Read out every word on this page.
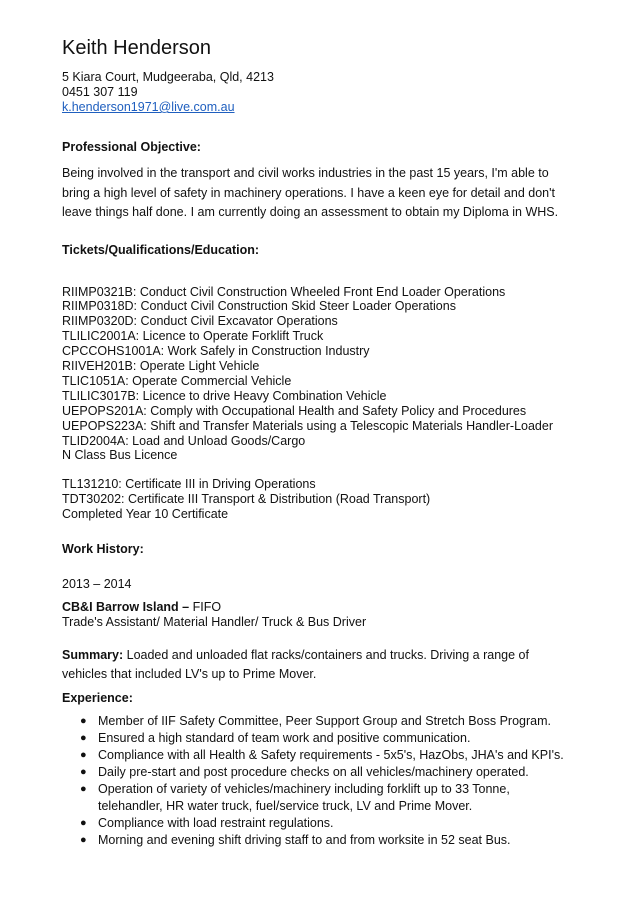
Keith Henderson
5 Kiara Court, Mudgeeraba, Qld, 4213
0451 307 119
k.henderson1971@live.com.au
Professional Objective:
Being involved in the transport and civil works industries in the past 15 years, I'm able to
bring a high level of safety in machinery operations. I have a keen eye for detail and don't
leave things half done. I am currently doing an assessment to obtain my Diploma in WHS.
Tickets/Qualifications/Education:
RIIMP0321B: Conduct Civil Construction Wheeled Front End Loader Operations
RIIMP0318D: Conduct Civil Construction Skid Steer Loader Operations
RIIMP0320D: Conduct Civil Excavator Operations
TLILIC2001A: Licence to Operate Forklift Truck
CPCCOHS1001A: Work Safely in Construction Industry
RIIVEH201B: Operate Light Vehicle
TLIC1051A: Operate Commercial Vehicle
TLILIC3017B: Licence to drive Heavy Combination Vehicle
UEPOPS201A: Comply with Occupational Health and Safety Policy and Procedures
UEPOPS223A: Shift and Transfer Materials using a Telescopic Materials Handler-Loader
TLID2004A: Load and Unload Goods/Cargo
N Class Bus Licence
TL131210: Certificate III in Driving Operations
TDT30202: Certificate III Transport & Distribution (Road Transport)
Completed Year 10 Certificate
Work History:
2013 – 2014
CB&I Barrow Island – FIFO
Trade's Assistant/ Material Handler/ Truck & Bus Driver
Summary: Loaded and unloaded flat racks/containers and trucks. Driving a range of
vehicles that included LV's up to Prime Mover.
Experience:
● Member of IIF Safety Committee, Peer Support Group and Stretch Boss Program.
● Ensured a high standard of team work and positive communication.
● Compliance with all Health & Safety requirements - 5x5's, HazObs, JHA's and KPI's.
● Daily pre-start and post procedure checks on all vehicles/machinery operated.
● Operation of variety of vehicles/machinery including forklift up to 33 Tonne,
telehandler, HR water truck, fuel/service truck, LV and Prime Mover.
● Compliance with load restraint regulations.
● Morning and evening shift driving staff to and from worksite in 52 seat Bus.
